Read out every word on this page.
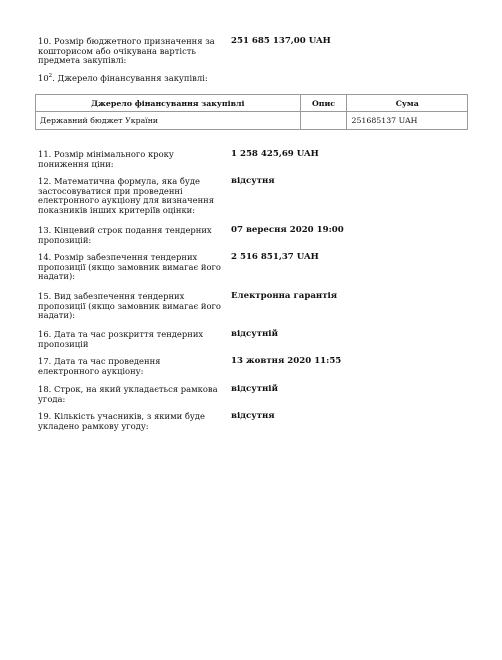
10. Розмір бюджетного призначення за кошторисом або очікувана вартість предмета закупівлі:
251 685 137,00 UAH
$10^2$. Джерело фінансування закупівлі:
Джерело фінансування закупівлі	Опис	Сума
Державний бюджет України		251685137 UAH
11. Розмір мінімального кроку пониження ціни:
1 258 425,69 UAH
12. Математична формула, яка буде застосовуватися при проведенні електронного аукціону для визначення показників інших критеріїв оцінки:
відсутня
13. Кінцевий строк подання тендерних пропозицій:
07 вересня 2020 19:00
14. Розмір забезпечення тендерних пропозиції (якщо замовник вимагає його надати):
2 516 851,37 UAH
15. Вид забезпечення тендерних пропозиції (якщо замовник вимагає його надати):
Електронна гарантія
16. Дата та час розкриття тендерних пропозицій
відсутній
17. Дата та час проведення електронного аукціону:
13 жовтня 2020 11:55
18. Строк, на який укладається рамкова угода:
відсутній
19. Кількість учасників, з якими буде укладено рамкову угоду:
відсутня
